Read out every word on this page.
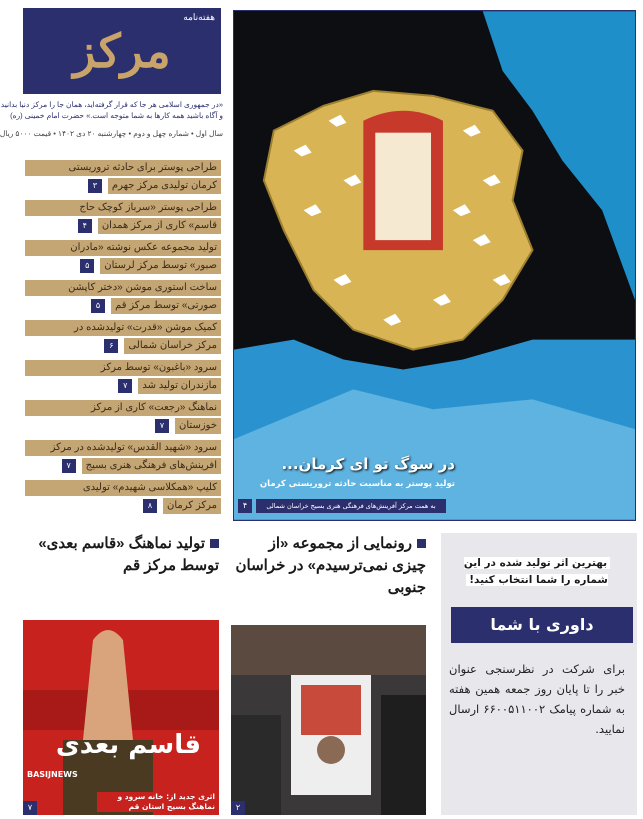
هفته‌نامه
مرکز
«در جمهوری اسلامی هر جا که قرار گرفته‌اید، همان جا را مرکز دنیا بدانید
و آگاه باشید همه کارها به شما متوجه است.» حضرت امام خمینی (ره)
سال اول • شماره چهل و دوم • چهارشنبه ۲۰ دی ۱۴۰۲ • قیمت ۵۰۰۰ ریال
طراحی پوستر برای حادثه تروریستی
کرمان تولیدی مرکز جهرم
۳
طراحی پوستر «سرباز کوچک حاج
قاسم» کاری از مرکز همدان
۴
تولید مجموعه عکس نوشته «مادران
صبور» توسط مرکز لرستان
۵
ساخت استوری موشن «دختر کاپشن
صورتی» توسط مرکز قم
۵
کمیک موشن «قدرت» تولیدشده در
مرکز خراسان شمالی
۶
سرود «باغبون» توسط مرکز
مازندران تولید شد
۷
نماهنگ «رجعت» کاری از مرکز
خوزستان
۷
سرود «شهید القدس» تولیدشده در مرکز
افرینش‌های فرهنگی هنری بسیج
۷
کلیپ «همکلاسی شهیدم» تولیدی
مرکز کرمان
۸
در سوگ تو ای کرمان...
تولید پوستر به مناسبت حادثه تروریستی کرمان
به همت مرکز آفرینش‌های فرهنگی هنری بسیج خراسان شمالی
۴
تولید نماهنگ «قاسم بعدی» توسط مرکز قم
قاسم بعدی
BASIJNEWS
اثری جدید از: خانه سرود و نماهنگ بسیج استان قم
۷
رونمایی از مجموعه «از چیزی نمی‌ترسیدم» در خراسان جنوبی
۲
بهترین اثر تولید شده در این شماره را شما انتخاب کنید!
داوری با شما
برای شرکت در نظرسنجی عنوان خبر را تا پایان روز جمعه همین هفته به شماره پیامک ۶۶۰۰۵۱۱۰۰۲ ارسال نمایید.
